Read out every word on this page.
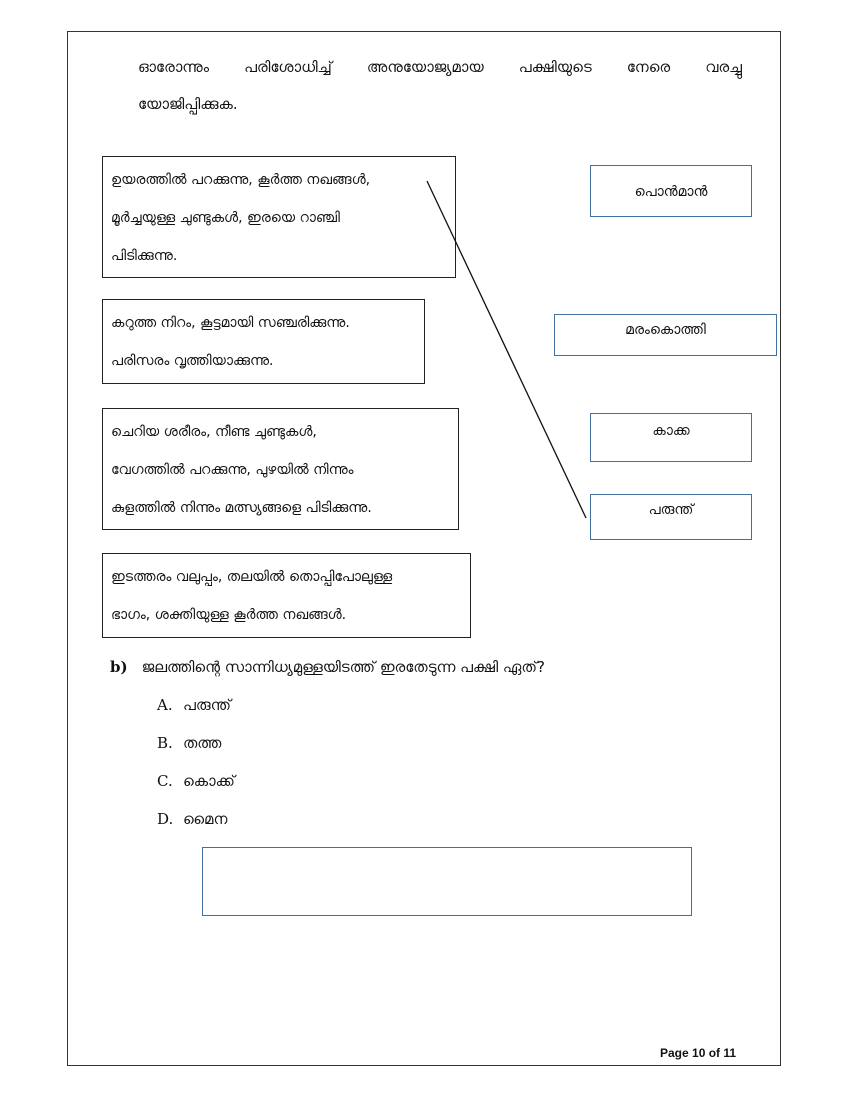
ഓരോന്നും പരിശോധിച്ച് അനുയോജ്യമായ പക്ഷിയുടെ നേരെ വരച്ചു
യോജിപ്പിക്കുക.

ഉയരത്തിൽ പറക്കുന്നു, കൂർത്ത നഖങ്ങൾ,

മൂർച്ചയുള്ള ചുണ്ടുകൾ, ഇരയെ റാഞ്ചി

പിടിക്കുന്നു.

കറുത്ത നിറം, കൂട്ടമായി സഞ്ചരിക്കുന്നു.

പരിസരം വൃത്തിയാക്കുന്നു.

ചെറിയ ശരീരം, നീണ്ട ചുണ്ടുകൾ,

വേഗത്തിൽ പറക്കുന്നു, പുഴയിൽ നിന്നും

കുളത്തിൽ നിന്നും മത്സ്യങ്ങളെ പിടിക്കുന്നു.

ഇടത്തരം വലുപ്പം, തലയിൽ തൊപ്പിപോലുള്ള

ഭാഗം, ശക്തിയുള്ള കൂർത്ത നഖങ്ങൾ.

പൊൻമാൻ
മരംകൊത്തി
കാക്ക
പരുന്ത്
b) ജലത്തിന്റെ സാന്നിധ്യമുള്ളയിടത്ത് ഇരതേടുന്ന പക്ഷി ഏത്?
A. പരുന്ത്
B. തത്ത
C. കൊക്ക്
D. മൈന
Page 10 of 11
